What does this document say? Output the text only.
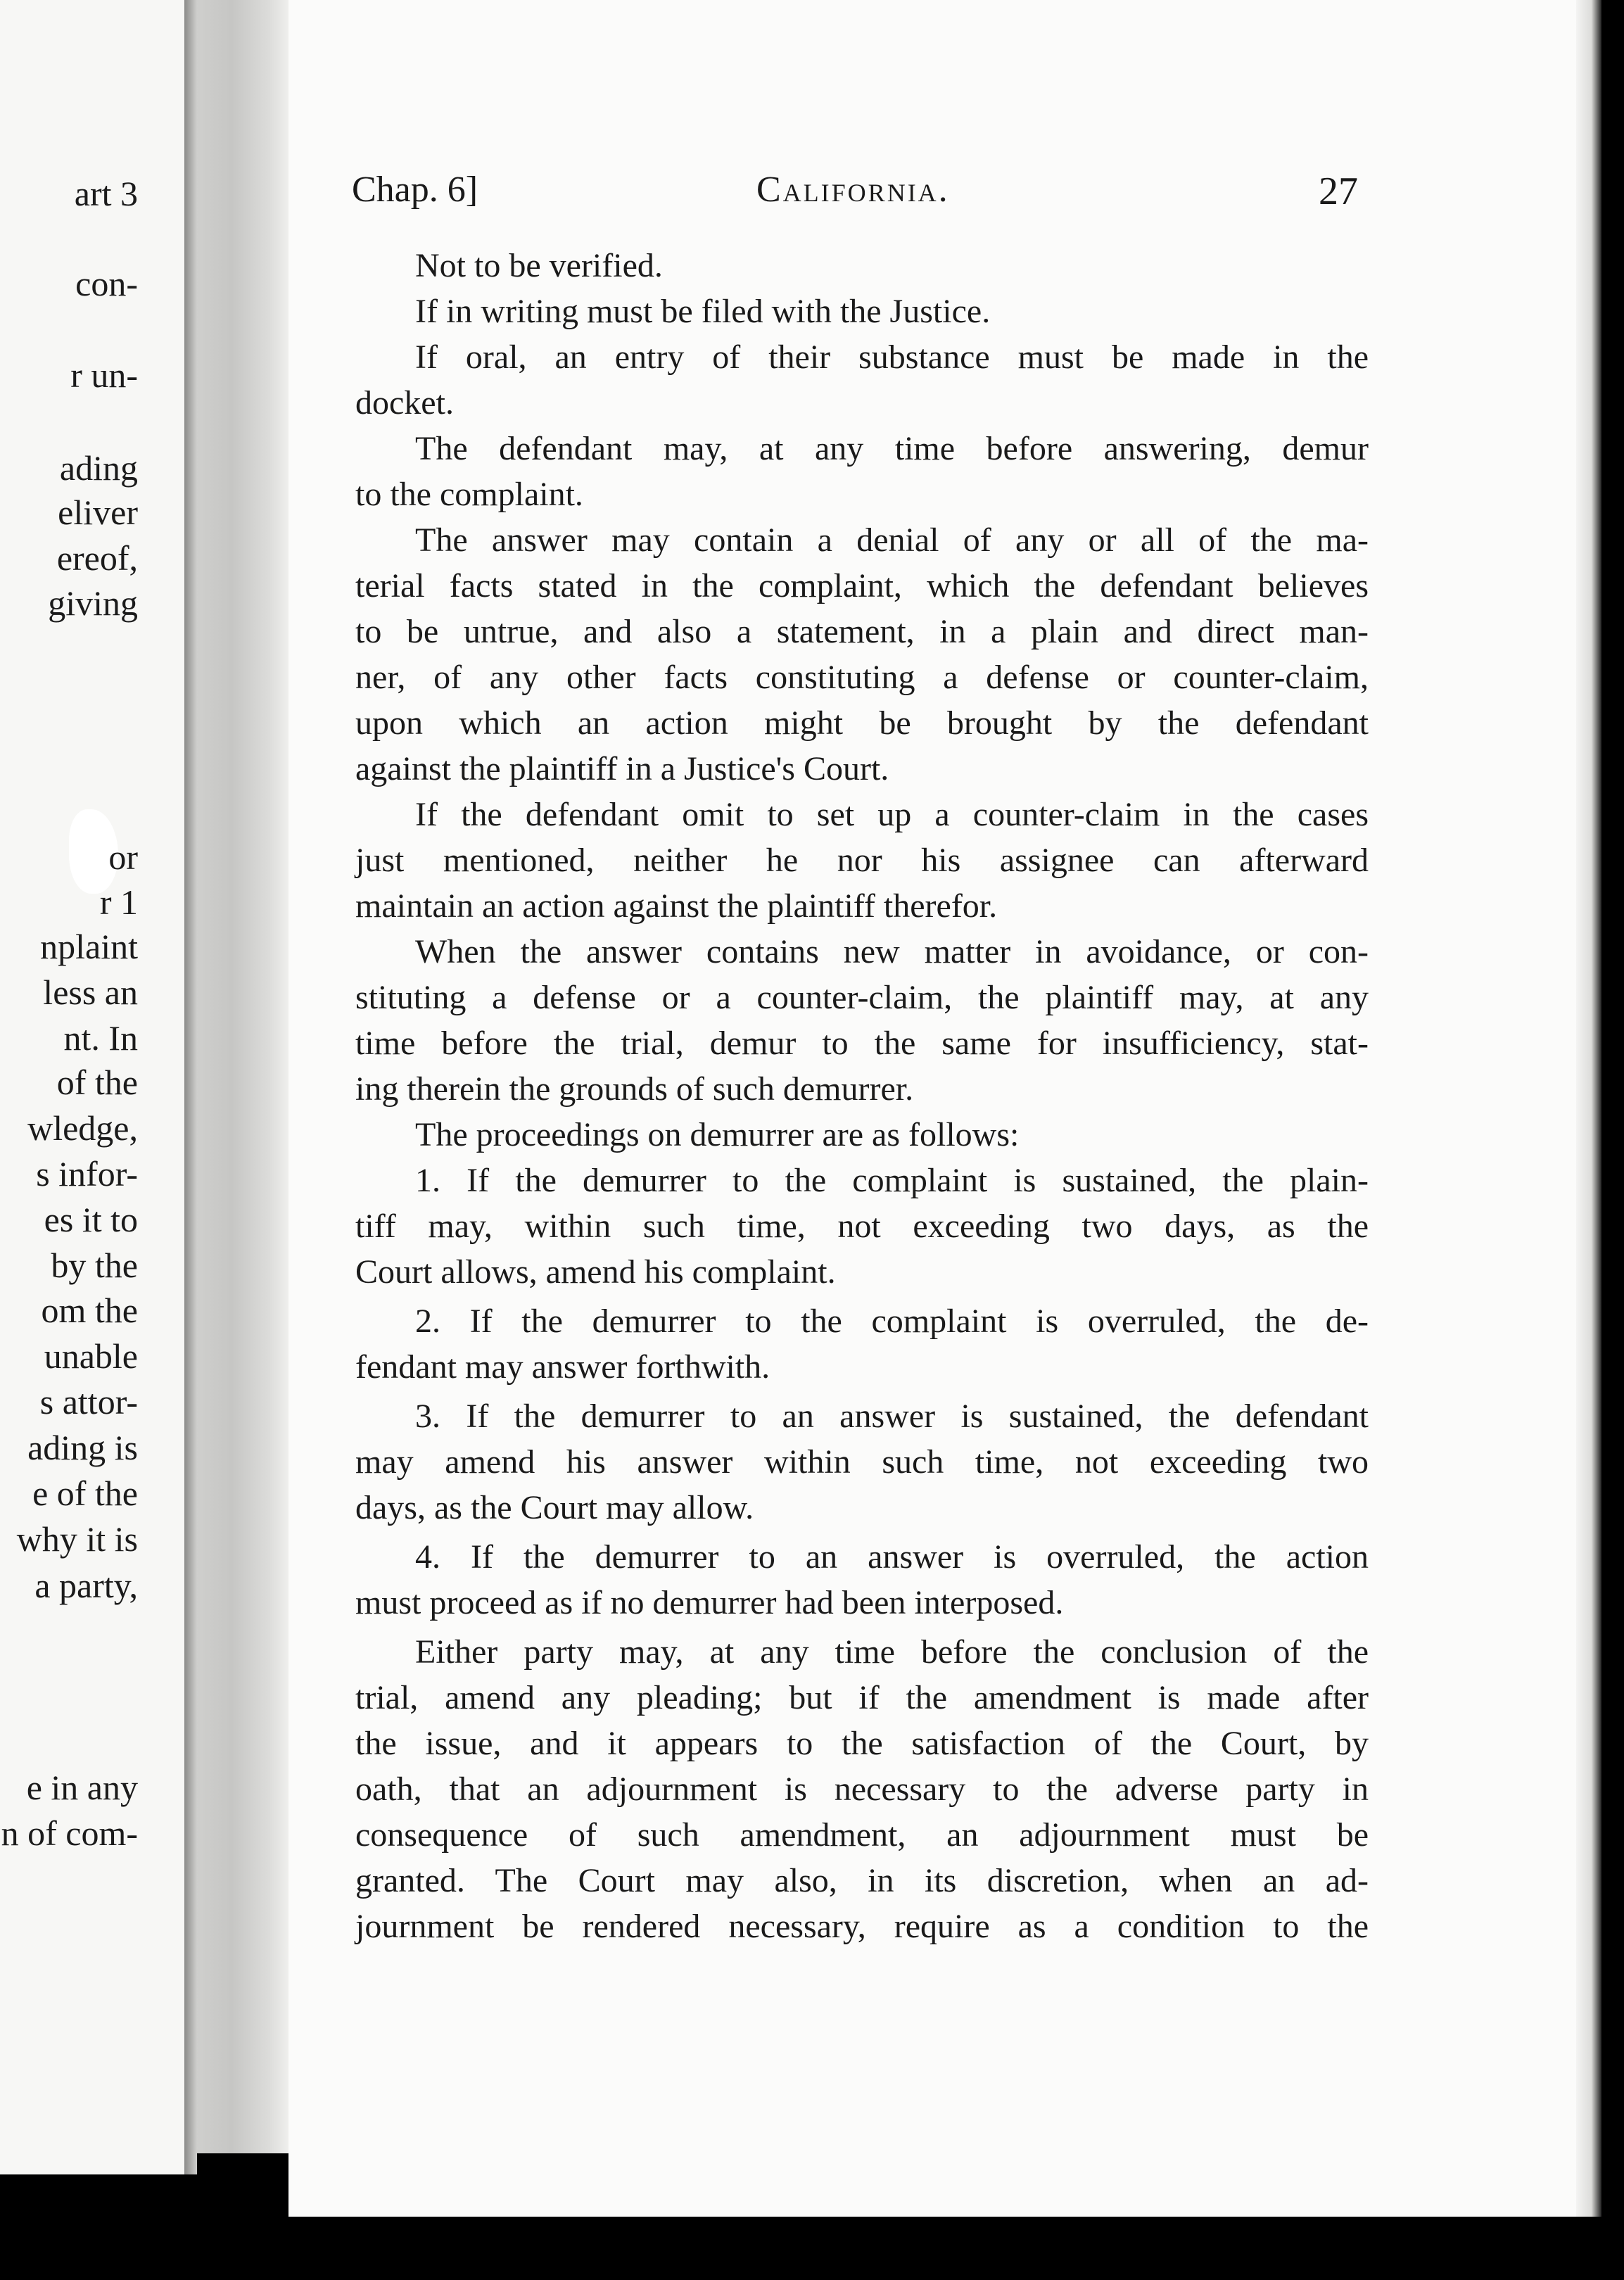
art 3
con-
r un-
ading
eliver
ereof,
giving
or
r 1
nplaint
less an
nt. In
of the
wledge,
s infor-
es it to
by the
om the
unable
s attor-
ading is
e of the
why it is
a party,
e in any
n of com-
Chap. 6]	California.	27
Not to be verified.
If in writing must be filed with the Justice.
If oral, an entry of their substance must be made in the
docket.
The defendant may, at any time before answering, demur
to the complaint.
The answer may contain a denial of any or all of the ma-
terial facts stated in the complaint, which the defendant believes
to be untrue, and also a statement, in a plain and direct man-
ner, of any other facts constituting a defense or counter-claim,
upon which an action might be brought by the defendant
against the plaintiff in a Justice's Court.
If the defendant omit to set up a counter-claim in the cases
just mentioned, neither he nor his assignee can afterward
maintain an action against the plaintiff therefor.
When the answer contains new matter in avoidance, or con-
stituting a defense or a counter-claim, the plaintiff may, at any
time before the trial, demur to the same for insufficiency, stat-
ing therein the grounds of such demurrer.
The proceedings on demurrer are as follows:
1. If the demurrer to the complaint is sustained, the plain-
tiff may, within such time, not exceeding two days, as the
Court allows, amend his complaint.
2. If the demurrer to the complaint is overruled, the de-
fendant may answer forthwith.
3. If the demurrer to an answer is sustained, the defendant
may amend his answer within such time, not exceeding two
days, as the Court may allow.
4. If the demurrer to an answer is overruled, the action
must proceed as if no demurrer had been interposed.
Either party may, at any time before the conclusion of the
trial, amend any pleading; but if the amendment is made after
the issue, and it appears to the satisfaction of the Court, by
oath, that an adjournment is necessary to the adverse party in
consequence of such amendment, an adjournment must be
granted. The Court may also, in its discretion, when an ad-
journment be rendered necessary, require as a condition to the
